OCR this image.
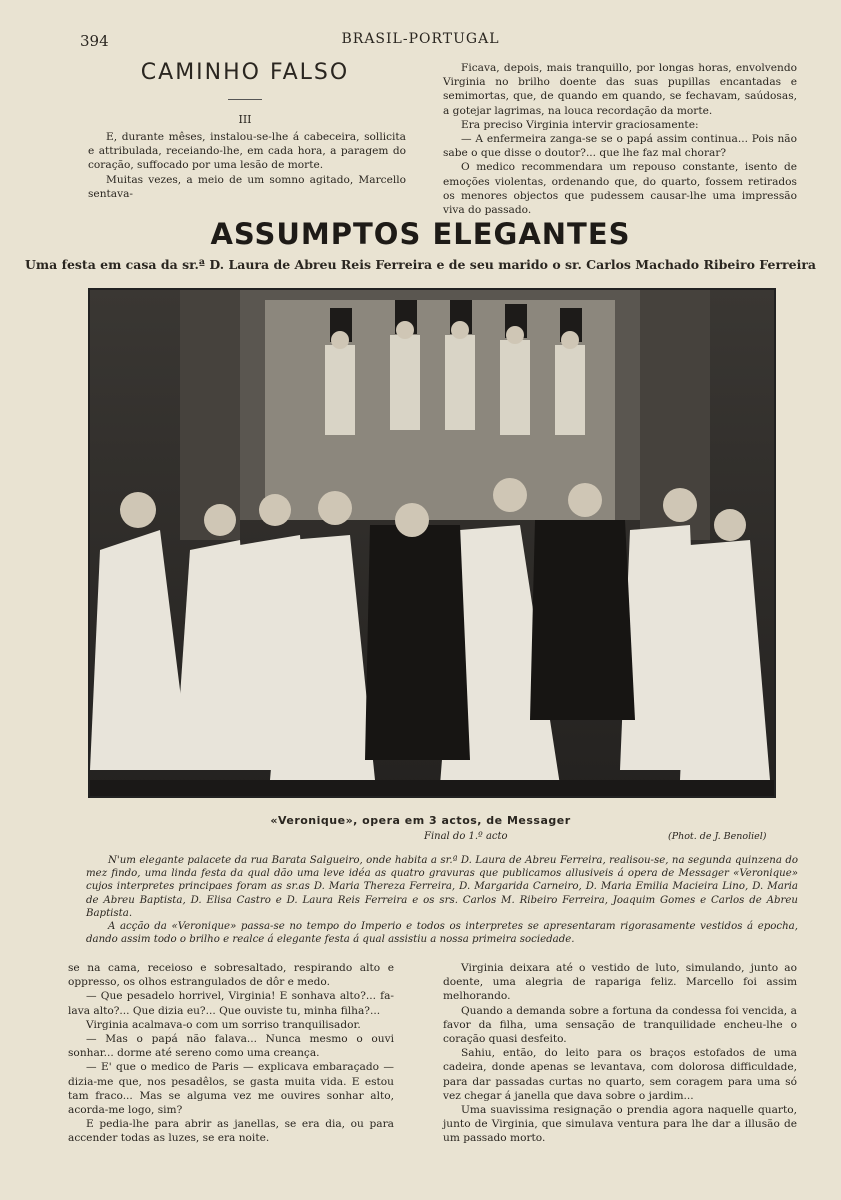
394	BRASIL-PORTUGAL
CAMINHO FALSO
III

E, durante mêses, instalou-se-lhe á cabeceira, sollicita e attribulada, receiando-lhe, em cada hora, a paragem do coração, suffocado por uma lesão de morte.

Muitas vezes, a meio de um somno agitado, Marcello sentava-

Ficava, depois, mais tranquillo, por longas horas, envolvendo Virginia no brilho doente das suas pupillas encantadas e semimortas, que, de quando em quando, se fechavam, saúdosas, a gotejar lagrimas, na louca recordação da morte.

Era preciso Virginia intervir graciosamente:

— A enfermeira zanga-se se o papá assim continua... Pois não sabe o que disse o doutor?... que lhe faz mal chorar?

O medico recommendara um repouso constante, isento de emoções violentas, ordenando que, do quarto, fossem retirados os menores objectos que pudessem causar-lhe uma impressão viva do passado.

ASSUMPTOS ELEGANTES
Uma festa em casa da sr.ª D. Laura de Abreu Reis Ferreira e de seu marido o sr. Carlos Machado Ribeiro Ferreira
«Veronique», opera em 3 actos, de Messager
Final do 1.º acto	(Phot. de J. Benoliel)

N'um elegante palacete da rua Barata Salgueiro, onde habita a sr.ª D. Laura de Abreu Ferreira, realisou-se, na segunda quinzena do mez findo, uma linda festa da qual dão uma leve idéa as quatro gravuras que publicamos allusiveis á opera de Messager «Veronique» cujos interpretes principaes foram as sr.as D. Maria Thereza Ferreira, D. Margarida Carneiro, D. Maria Emilia Macieira Lino, D. Maria de Abreu Baptista, D. Elisa Castro e D. Laura Reis Ferreira e os srs. Carlos M. Ribeiro Ferreira, Joaquim Gomes e Carlos de Abreu Baptista.

A acção da «Veronique» passa-se no tempo do Imperio e todos os interpretes se apresentaram rigorasamente vestidos á epocha, dando assim todo o brilho e realce á elegante festa á qual assistiu a nossa primeira sociedade.

se na cama, receioso e sobresaltado, respirando alto e oppresso, os olhos estrangulados de dôr e medo.

— Que pesadelo horrivel, Virginia! E sonhava alto?... fa-lava alto?... Que dizia eu?... Que ouviste tu, minha filha?...

Virginia acalmava-o com um sorriso tranquilisador.

— Mas o papá não falava... Nunca mesmo o ouvi sonhar... dorme até sereno como uma creança.

— E' que o medico de Paris — explicava embaraçado — dizia-me que, nos pesadêlos, se gasta muita vida. E estou tam fraco... Mas se alguma vez me ouvires sonhar alto, acorda-me logo, sim?

E pedia-lhe para abrir as janellas, se era dia, ou para accender todas as luzes, se era noite.

Virginia deixara até o vestido de luto, simulando, junto ao doente, uma alegria de rapariga feliz. Marcello foi assim melhorando.

Quando a demanda sobre a fortuna da condessa foi vencida, a favor da filha, uma sensação de tranquilidade encheu-lhe o coração quasi desfeito.

Sahiu, então, do leito para os braços estofados de uma cadeira, donde apenas se levantava, com dolorosa difficuldade, para dar passadas curtas no quarto, sem coragem para uma só vez chegar á janella que dava sobre o jardim...

Uma suavissima resignação o prendia agora naquelle quarto, junto de Virginia, que simulava ventura para lhe dar a illusão de um passado morto.
